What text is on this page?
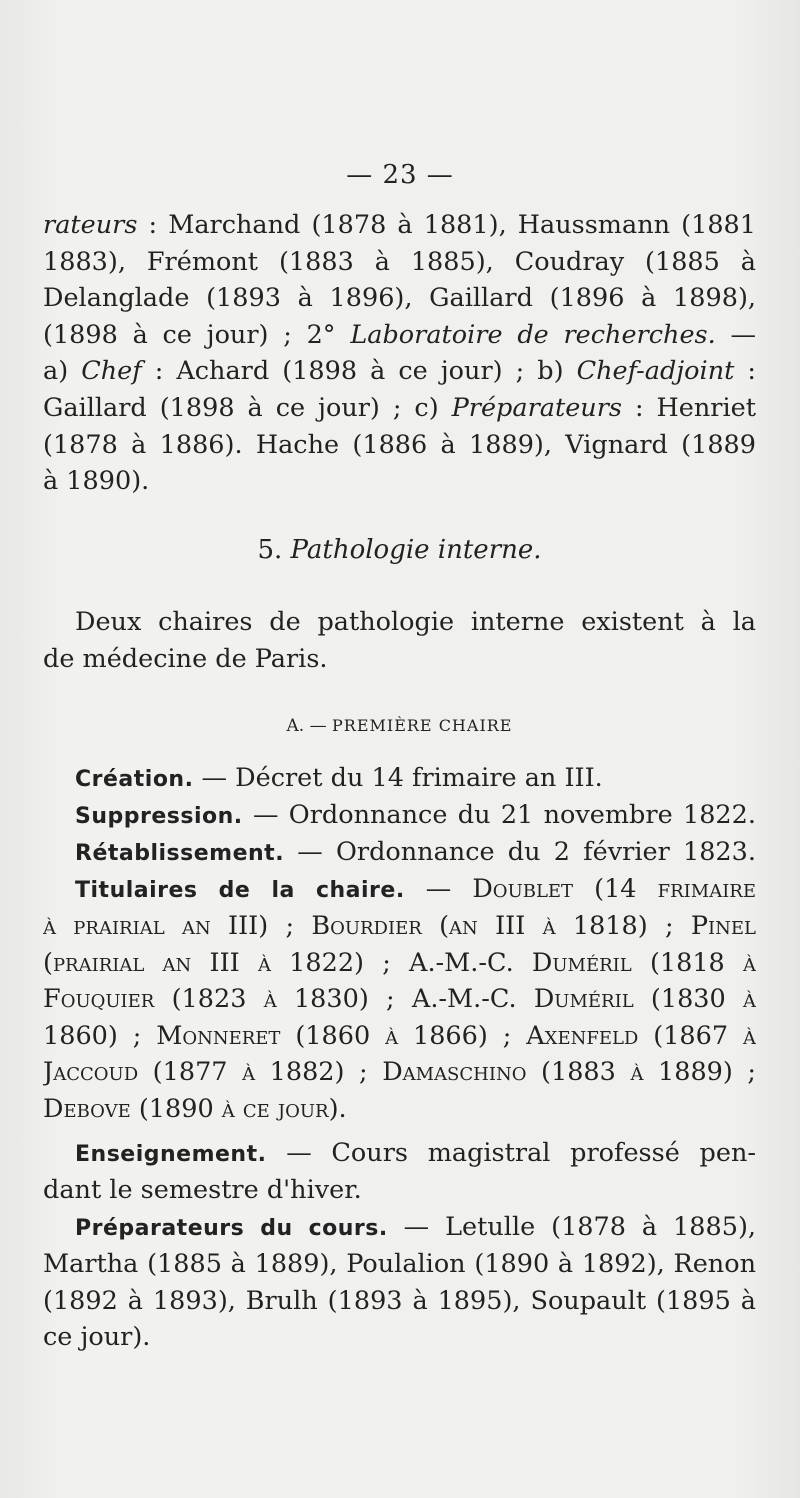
— 23 —
rateurs : Marchand (1878 à 1881), Haussmann (1881
1883), Frémont (1883 à 1885), Coudray (1885 à
Delanglade (1893 à 1896), Gaillard (1896 à 1898),
(1898 à ce jour) ; 2° Laboratoire de recherches. —
a) Chef : Achard (1898 à ce jour) ; b) Chef-adjoint :
Gaillard (1898 à ce jour) ; c) Préparateurs : Henriet
(1878 à 1886). Hache (1886 à 1889), Vignard (1889
à 1890).
5. Pathologie interne.
Deux chaires de pathologie interne existent à la
de médecine de Paris.
A. — PREMIÈRE CHAIRE
Création. — Décret du 14 frimaire an III.
Suppression. — Ordonnance du 21 novembre 1822.
Rétablissement. — Ordonnance du 2 février 1823.
Titulaires de la chaire. — Doublet (14 frimaire
à prairial an III) ; Bourdier (an III à 1818) ; Pinel
(prairial an III à 1822) ; A.-M.-C. Duméril (1818 à
Fouquier (1823 à 1830) ; A.-M.-C. Duméril (1830 à
1860) ; Monneret (1860 à 1866) ; Axenfeld (1867 à
Jaccoud (1877 à 1882) ; Damaschino (1883 à 1889) ;
Debove (1890 à ce jour).
Enseignement. — Cours magistral professé pen-
dant le semestre d'hiver.
Préparateurs du cours. — Letulle (1878 à 1885),
Martha (1885 à 1889), Poulalion (1890 à 1892), Renon
(1892 à 1893), Brulh (1893 à 1895), Soupault (1895 à
ce jour).
